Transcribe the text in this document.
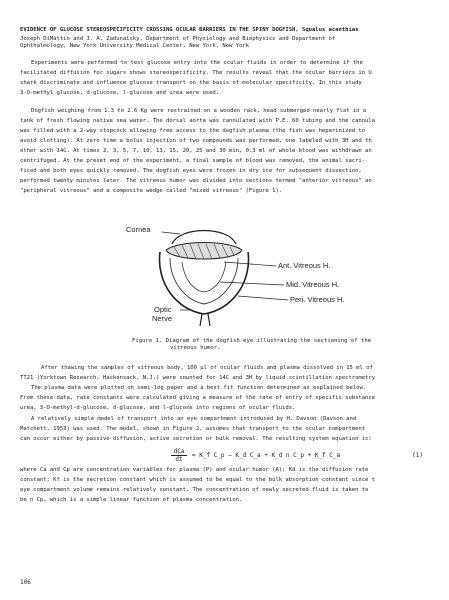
EVIDENCE OF GLUCOSE STEREOSPECIFICITY CROSSING OCULAR BARRIERS IN THE SPINY DOGFISH, Squalus acanthias
Joseph DiMattio and J. A. Zadunaisky, Department of Physiology and Biophysics and Department of
Ophthalmology, New York University Medical Center, New York, New York
Experiments were performed to test glucose entry into the ocular fluids in order to determine if the
facilitated diffusion for sugars shows stereospecificity. The results reveal that the ocular barriers in U
shark discriminate and influence glucose transport on the basis of molecular specificity. In this study
3-O-methyl glucose, d-glucose, l-glucose and urea were used.
Dogfish weighing from 1.3 to 2.6 Kg were restrained on a wooden rack, head submerged nearly flat in a
tank of fresh flowing native sea water. The dorsal aorta was cannulated with P.E. 60 tubing and the cannula
was filled with a 2-way stopcock allowing free access to the dogfish plasma (the fish was heparinized to
avoid clotting). At zero time a bolus injection of two compounds was performed, one labeled with 3H and th
other with 14C. At times 2, 3, 5, 7, 10, 13, 15, 20, 25 and 30 min, 0.3 ml of whole blood was withdrawn an
centrifuged. At the preset end of the experiment, a final sample of blood was removed, the animal sacri-
ficed and both eyes quickly removed. The dogfish eyes were frozen in dry ice for subsequent dissection,
performed twenty minutes later. The vitreous humor was divided into sections termed "anterior vitreous" an
"peripheral vitreous" and a composite wedge called "mixed vitreous" (Figure 1).
Cornea
Ant. Vitreous H.
Mid. Vitreous H.
Peri. Vitreous H.
Optic
Nerve
Figure 1. Diagram of the dogfish eye illustrating the sectioning of the
vitreous humor.
After thawing the samples of vitreous body, 100 µl of ocular fluids and plasma dissolved in 15 ml of
TT21 (Yorktown Research, Hackensack, N.J.) were counted for 14C and 3H by liquid scintillation spectrometry
The plasma data were plotted on semi-log paper and a best fit function determined as explained below.
From these data, rate constants were calculated giving a measure of the rate of entry of specific substance
urea, 3-O-methyl-d-glucose, d-glucose, and l-glucose into regions of ocular fluids.
A relatively simple model of transport into an eye compartment introduced by H. Davson (Davson and
Matchett, 1953) was used. The model, shown in Figure 2, assumes that transport to the ocular compartment
can occur either by passive diffusion, active secretion or bulk removal. The resulting system equation is:
dCa
dt
= K_f C_p − K_d C_a + K_d n C_p + K_f C_a	(1)
where Ca and Cp are concentration variables for plasma (P) and ocular humor (A); Kd is the diffusion rate
constant; Kf is the secretion constant which is assumed to be equal to the bulk absorption constant since t
eye compartment volume remains relatively constant. The concentration of newly secreted fluid is taken to
be n Cp, which is a simple linear function of plasma concentration.
106
